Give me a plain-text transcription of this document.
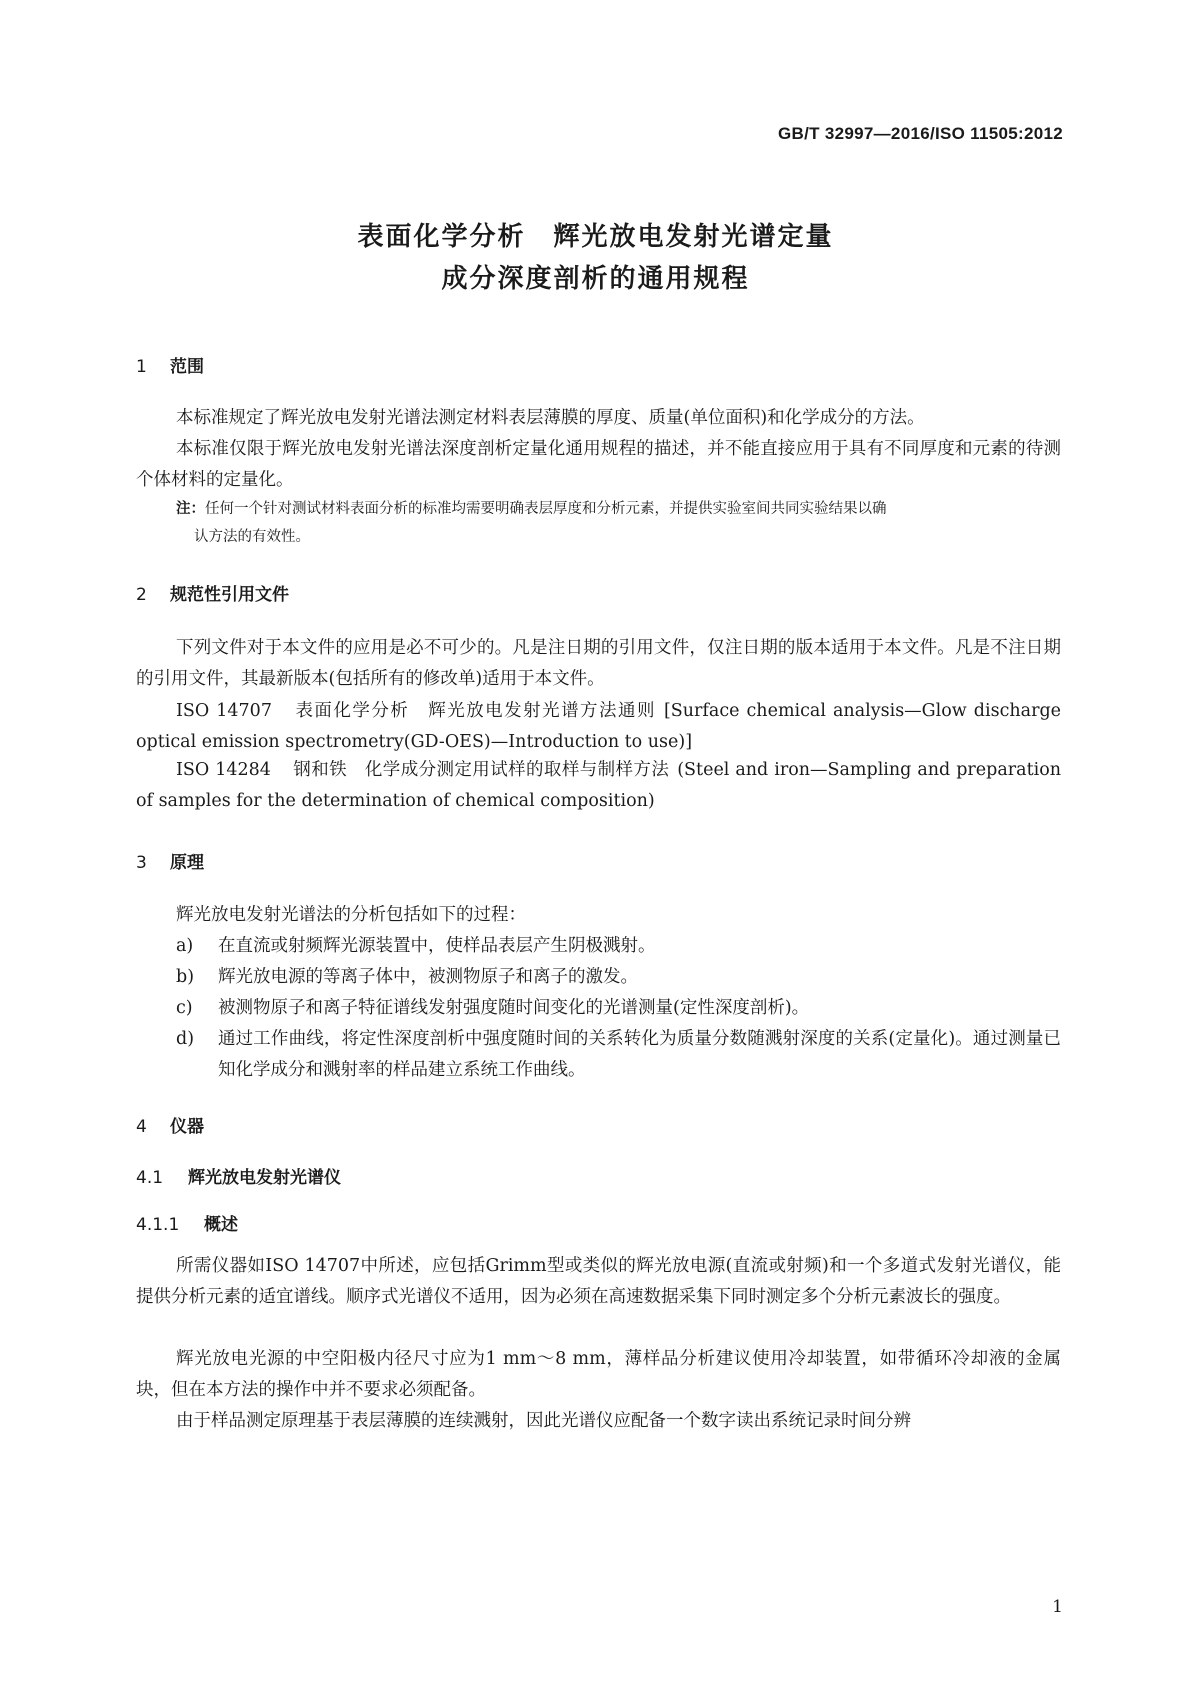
GB/T 32997—2016/ISO 11505:2012
表面化学分析　辉光放电发射光谱定量
成分深度剖析的通用规程
1 范围
本标准规定了辉光放电发射光谱法测定材料表层薄膜的厚度、质量(单位面积)和化学成分的方法。
本标准仅限于辉光放电发射光谱法深度剖析定量化通用规程的描述，并不能直接应用于具有不同厚度和元素的待测个体材料的定量化。
注：任何一个针对测试材料表面分析的标准均需要明确表层厚度和分析元素，并提供实验室间共同实验结果以确
认方法的有效性。
2 规范性引用文件
下列文件对于本文件的应用是必不可少的。凡是注日期的引用文件，仅注日期的版本适用于本文件。凡是不注日期的引用文件，其最新版本(包括所有的修改单)适用于本文件。
ISO 14707 表面化学分析　辉光放电发射光谱方法通则 [Surface chemical analysis—Glow discharge optical emission spectrometry(GD-OES)—Introduction to use)]
ISO 14284 钢和铁　化学成分测定用试样的取样与制样方法 (Steel and iron—Sampling and preparation of samples for the determination of chemical composition)
3 原理
辉光放电发射光谱法的分析包括如下的过程：
a)	在直流或射频辉光源装置中，使样品表层产生阴极溅射。
b)	辉光放电源的等离子体中，被测物原子和离子的激发。
c)	被测物原子和离子特征谱线发射强度随时间变化的光谱测量(定性深度剖析)。
d)	通过工作曲线，将定性深度剖析中强度随时间的关系转化为质量分数随溅射深度的关系(定量化)。通过测量已知化学成分和溅射率的样品建立系统工作曲线。
4 仪器
4.1 辉光放电发射光谱仪
4.1.1 概述
所需仪器如ISO 14707中所述，应包括Grimm型或类似的辉光放电源(直流或射频)和一个多道式发射光谱仪，能提供分析元素的适宜谱线。顺序式光谱仪不适用，因为必须在高速数据采集下同时测定多个分析元素波长的强度。
辉光放电光源的中空阳极内径尺寸应为1 mm～8 mm，薄样品分析建议使用冷却装置，如带循环冷却液的金属块，但在本方法的操作中并不要求必须配备。
由于样品测定原理基于表层薄膜的连续溅射，因此光谱仪应配备一个数字读出系统记录时间分辨
1
